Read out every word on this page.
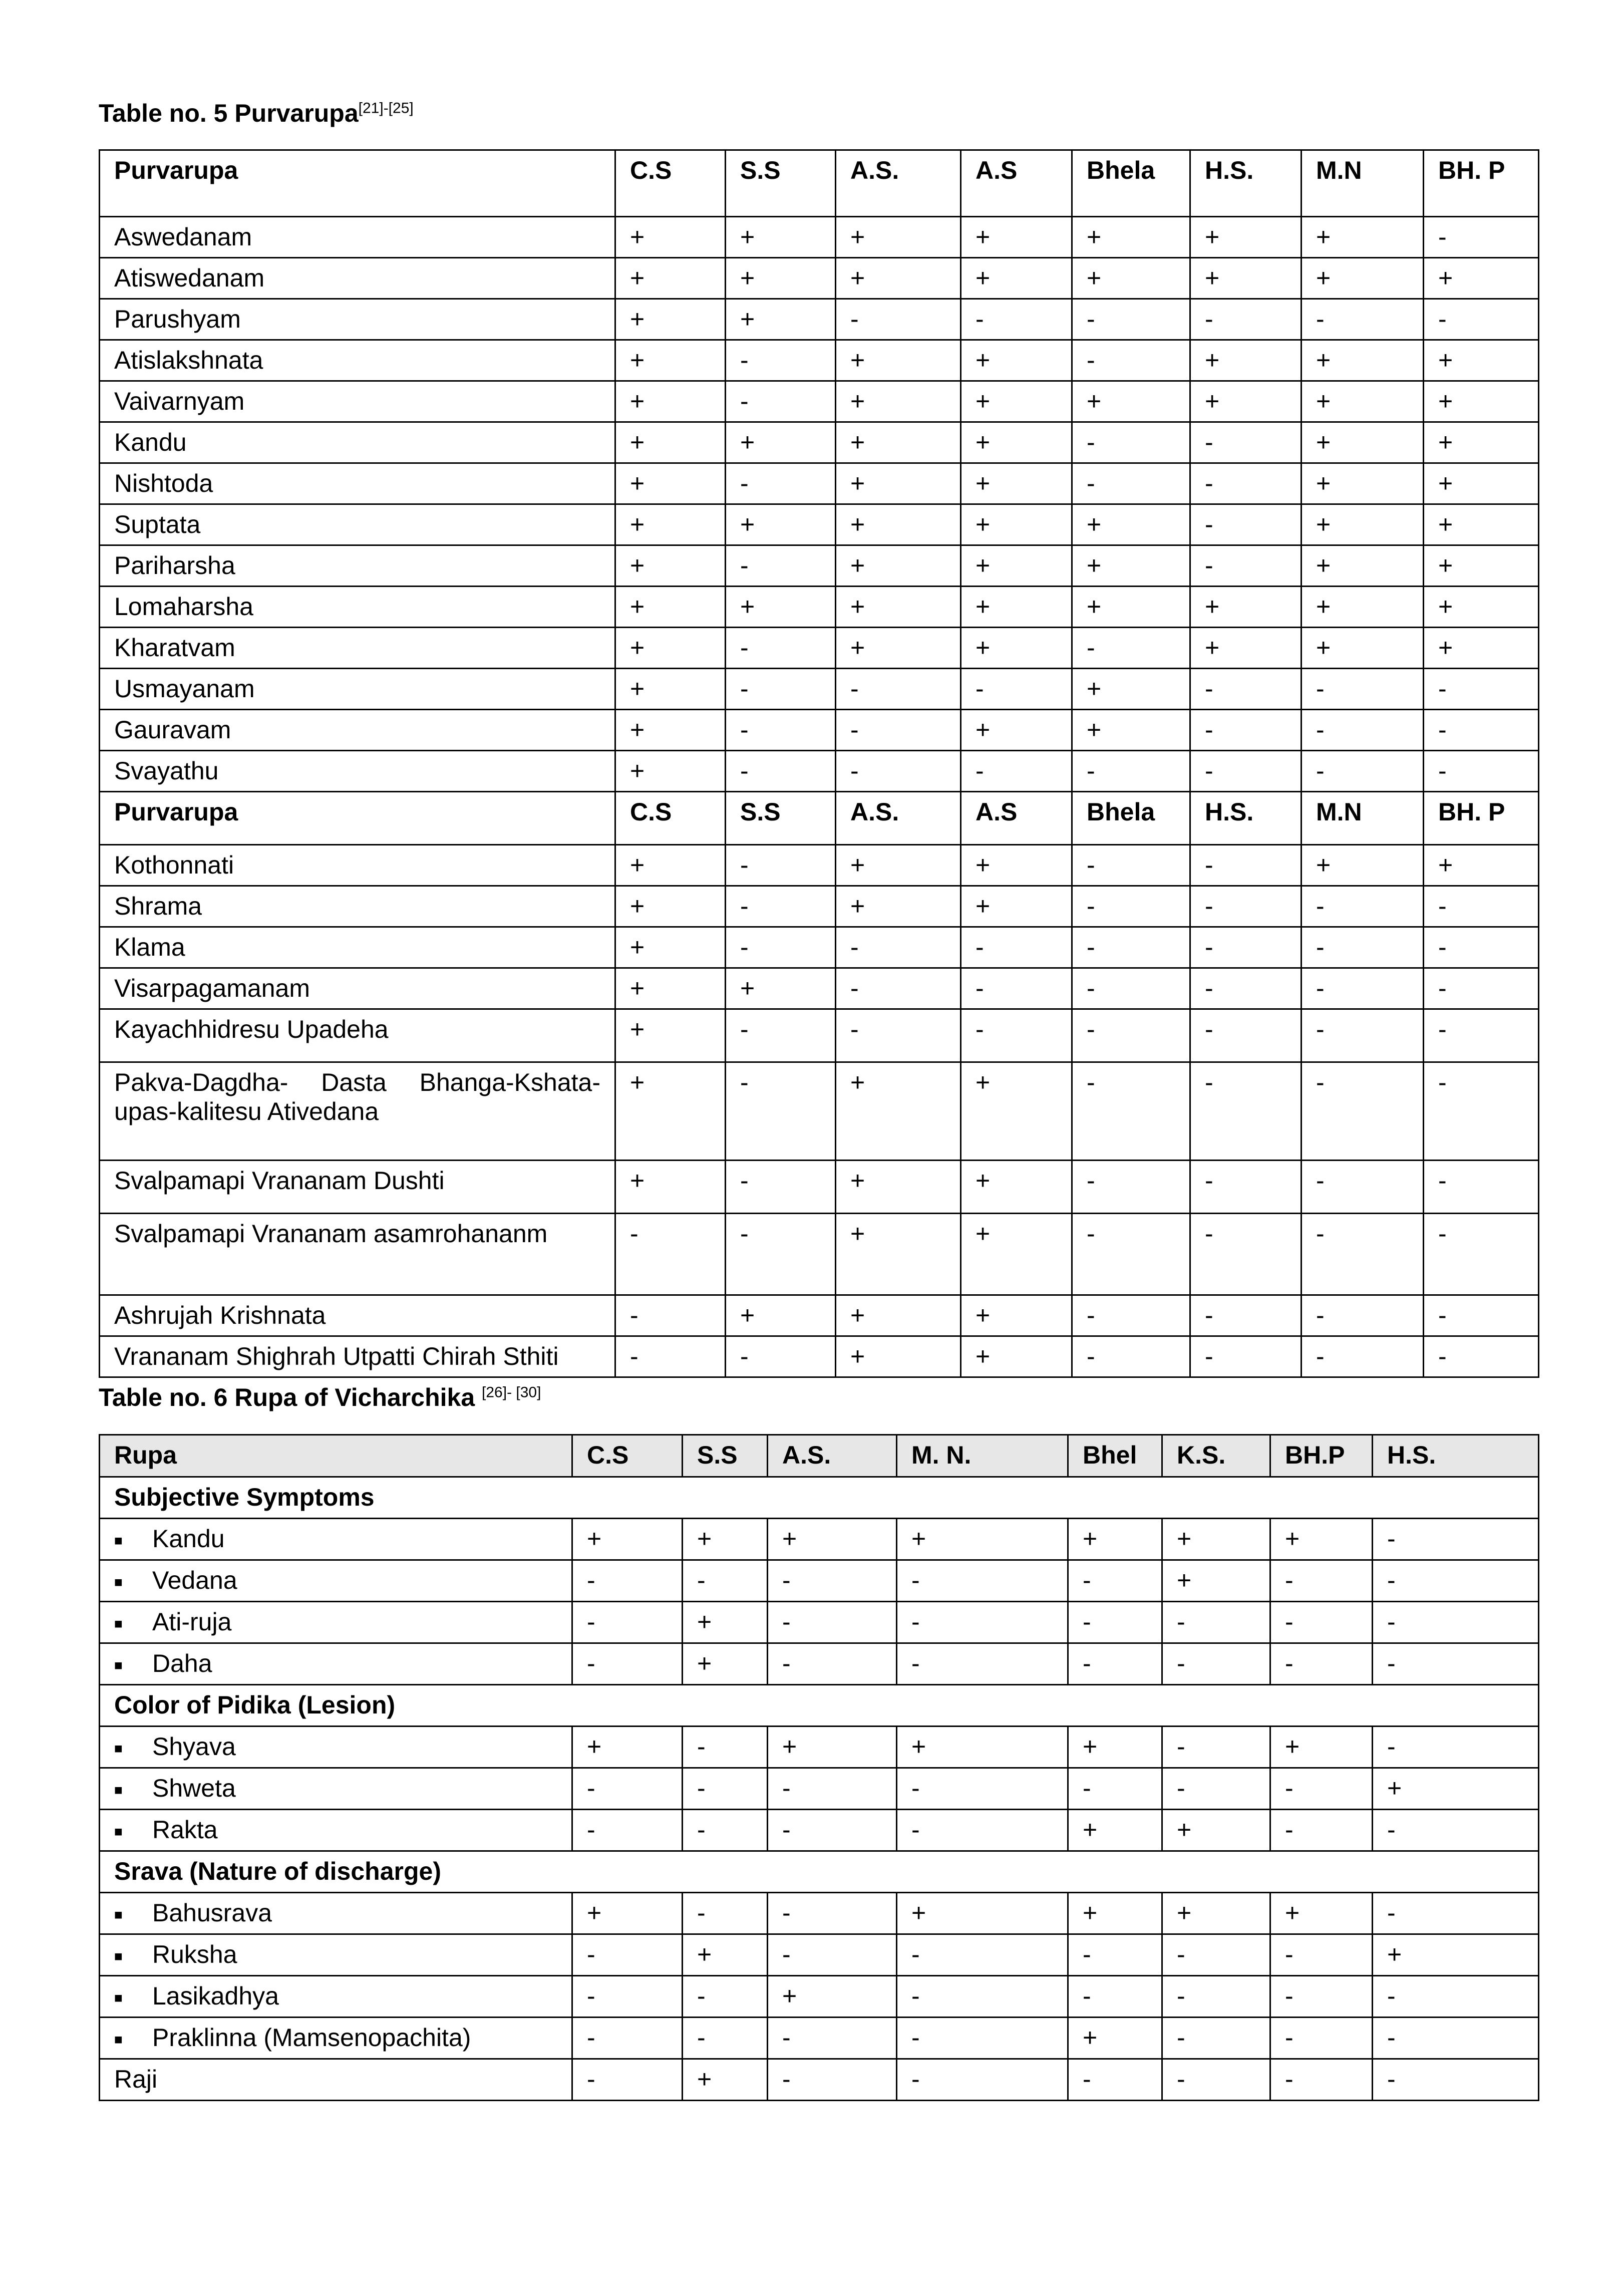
Table no. 5 Purvarupa[21]-[25]
Purvarupa	C.S	S.S	A.S.	A.S	Bhela	H.S.	M.N	BH. P
Aswedanam	+	+	+	+	+	+	+	-
Atiswedanam	+	+	+	+	+	+	+	+
Parushyam	+	+	-	-	-	-	-	-
Atislakshnata	+	-	+	+	-	+	+	+
Vaivarnyam	+	-	+	+	+	+	+	+
Kandu	+	+	+	+	-	-	+	+
Nishtoda	+	-	+	+	-	-	+	+
Suptata	+	+	+	+	+	-	+	+
Pariharsha	+	-	+	+	+	-	+	+
Lomaharsha	+	+	+	+	+	+	+	+
Kharatvam	+	-	+	+	-	+	+	+
Usmayanam	+	-	-	-	+	-	-	-
Gauravam	+	-	-	+	+	-	-	-
Svayathu	+	-	-	-	-	-	-	-
Purvarupa	C.S	S.S	A.S.	A.S	Bhela	H.S.	M.N	BH. P
Kothonnati	+	-	+	+	-	-	+	+
Shrama	+	-	+	+	-	-	-	-
Klama	+	-	-	-	-	-	-	-
Visarpagamanam	+	+	-	-	-	-	-	-
Kayachhidresu Upadeha	+	-	-	-	-	-	-	-
Pakva-Dagdha- Dasta Bhanga-Kshata-upas-kalitesu Ativedana	+	-	+	+	-	-	-	-
Svalpamapi Vrananam Dushti	+	-	+	+	-	-	-	-
Svalpamapi Vrananam asamrohananm	-	-	+	+	-	-	-	-
Ashrujah Krishnata	-	+	+	+	-	-	-	-
Vrananam Shighrah Utpatti Chirah Sthiti	-	-	+	+	-	-	-	-
Table no. 6 Rupa of Vicharchika [26]- [30]
Rupa	C.S	S.S	A.S.	M. N.	Bhel	K.S.	BH.P	H.S.
Subjective Symptoms								
■ Kandu	+	+	+	+	+	+	+	-
■ Vedana	-	-	-	-	-	+	-	-
■ Ati-ruja	-	+	-	-	-	-	-	-
■ Daha	-	+	-	-	-	-	-	-
Color of Pidika (Lesion)								
■ Shyava	+	-	+	+	+	-	+	-
■ Shweta	-	-	-	-	-	-	-	+
■ Rakta	-	-	-	-	+	+	-	-
Srava (Nature of discharge)								
■ Bahusrava	+	-	-	+	+	+	+	-
■ Ruksha	-	+	-	-	-	-	-	+
■ Lasikadhya	-	-	+	-	-	-	-	-
■ Praklinna (Mamsenopachita)	-	-	-	-	+	-	-	-
Raji	-	+	-	-	-	-	-	-
